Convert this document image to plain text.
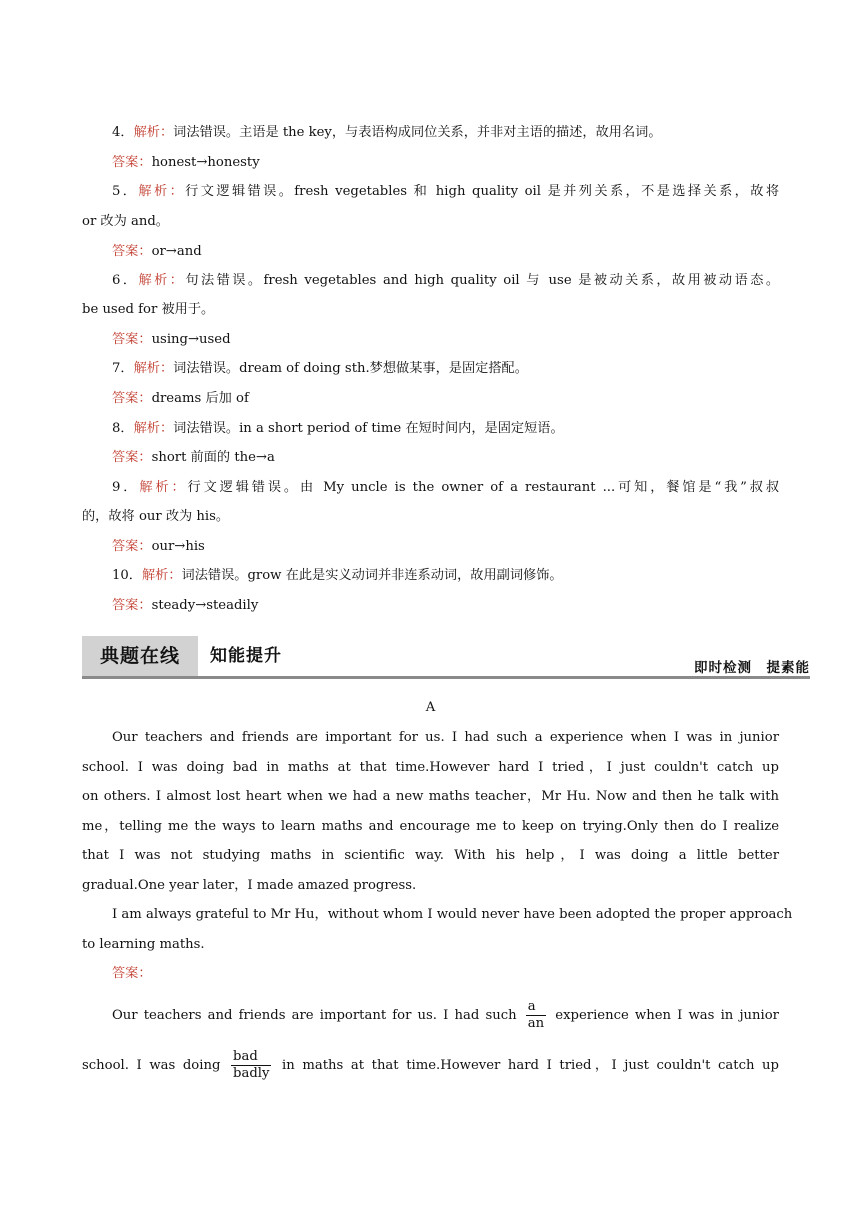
4．解析：词法错误。主语是 the key，与表语构成同位关系，并非对主语的描述，故用名词。

答案：honest→honesty

5．解析：行文逻辑错误。fresh vegetables 和 high quality oil 是并列关系，不是选择关系，故将

or 改为 and。

答案：or→and

6．解析：句法错误。fresh vegetables and high quality oil 与 use 是被动关系，故用被动语态。

be used for 被用于。

答案：using→used

7．解析：词法错误。dream of doing sth.梦想做某事，是固定搭配。

答案：dreams 后加 of

8．解析：词法错误。in a short period of time 在短时间内，是固定短语。

答案：short 前面的 the→a

9．解析：行文逻辑错误。由 My uncle is the owner of a restaurant ...可知，餐馆是“我”叔叔

的，故将 our 改为 his。

答案：our→his

10．解析：词法错误。grow 在此是实义动词并非连系动词，故用副词修饰。

答案：steady→steadily

典题在线	知能提升
即时检测　提素能
A

Our teachers and friends are important for us. I had such a experience when I was in junior

school. I was doing bad in maths at that time.However hard I tried，I just couldn't catch up

on others. I almost lost heart when we had a new maths teacher，Mr Hu. Now and then he talk with

me，telling me the ways to learn maths and encourage me to keep on trying.Only then do I realize

that I was not studying maths in scientific way. With his help，I was doing a little better

gradual.One year later，I made amazed progress.

I am always grateful to Mr Hu，without whom I would never have been adopted the proper approach

to learning maths.

答案：

Our teachers and friends are important for us. I had such $\frac{a}{an}$ experience when I was in junior

school. I was doing $\frac{\text{bad}}{\text{badly}}$ in maths at that time.However hard I tried，I just couldn't catch up
